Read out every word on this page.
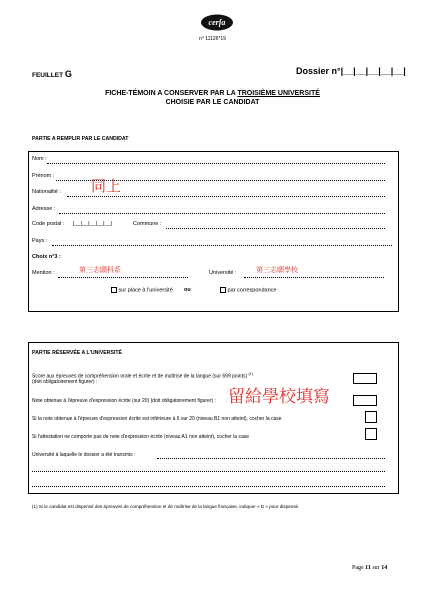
cerfa
n° 11126*19
FEUILLET G	Dossier n°|__|__|__|__|__|
FICHE-TÉMOIN A CONSERVER PAR LA TROISIÈME UNIVERSITÉ
CHOISIE PAR LE CANDIDAT
PARTIE A REMPLIR PAR LE CANDIDAT
Nom :
Prénom :
Nationalité : 同上
Adresse :
Code postal : |__|__|__|__|__|	Commune :
Pays :
Choix n°3 :
Mention :	第三志願科系	Université :	第三志願學校
sur place à l'université ou	par correspondance
PARTIE RÉSERVÉE A L'UNIVERSITÉ
Score aux épreuves de compréhension orale et écrite et de maîtrise de la langue (sur 699 points) $^{(1)}$
(doit obligatoirement figurer) :
Note obtenue à l'épreuve d'expression écrite (sur 20) (doit obligatoirement figurer) : 留給學校填寫
Si la note obtenue à l'épreuve d'expression écrite est inférieure à 6 sur 20 (niveau B1 non atteint), cocher la case
Si l'attestation ne comporte pas de note d'expression écrite (niveau A1 non atteint), cocher la case
Université à laquelle le dossier a été transmis :
(1) Si le candidat est dispensé des épreuves de compréhension et de maîtrise de la langue française, indiquer « D » pour dispensé.
Page 11 sur 14
